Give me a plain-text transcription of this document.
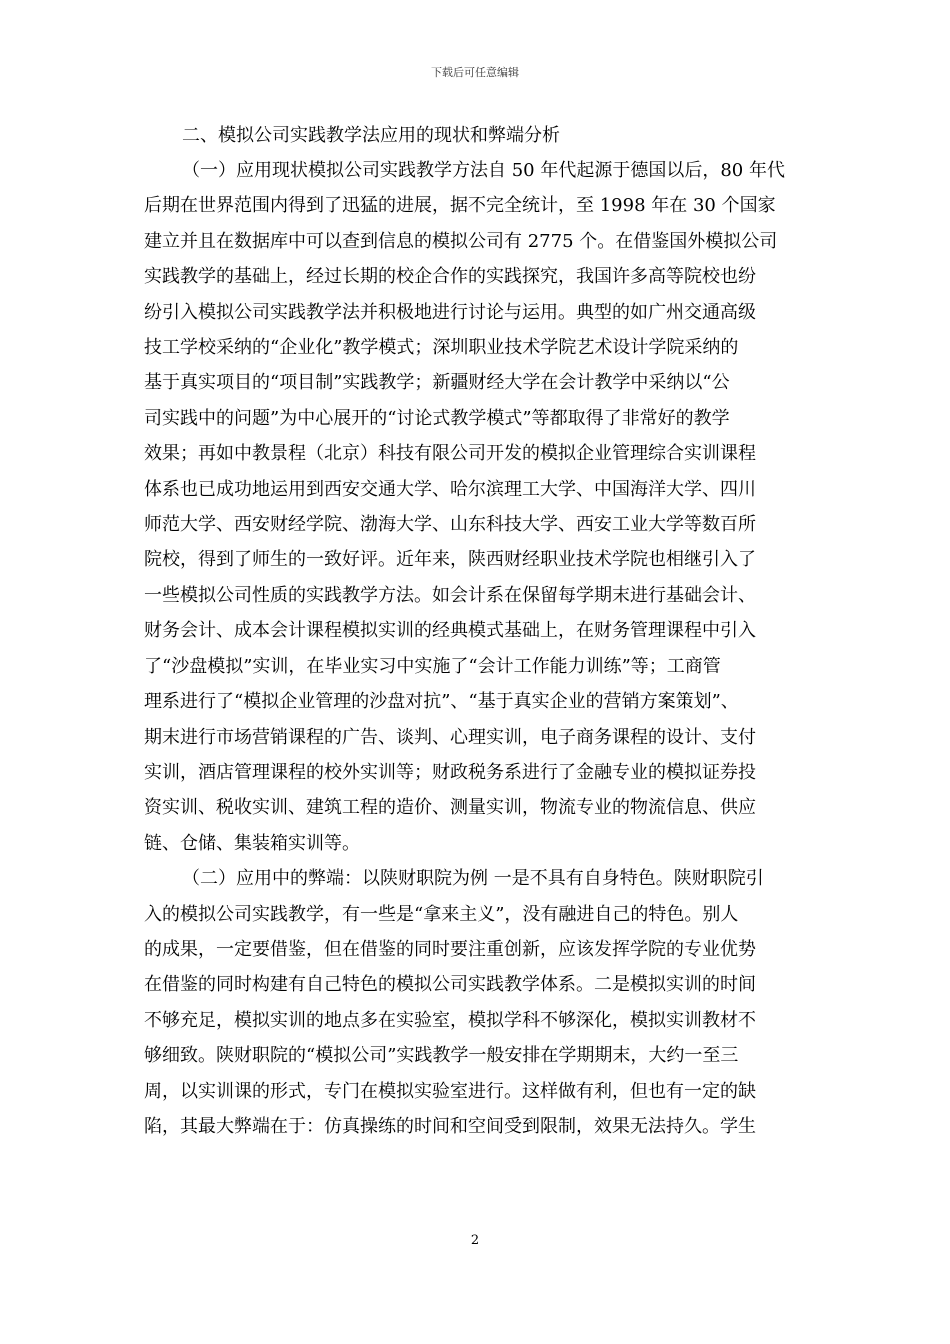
下载后可任意编辑

二、模拟公司实践教学法应用的现状和弊端分析

（一）应用现状模拟公司实践教学方法自 50 年代起源于德国以后，80 年代
后期在世界范围内得到了迅猛的进展，据不完全统计，至 1998 年在 30 个国家
建立并且在数据库中可以查到信息的模拟公司有 2775 个。在借鉴国外模拟公司
实践教学的基础上，经过长期的校企合作的实践探究，我国许多高等院校也纷
纷引入模拟公司实践教学法并积极地进行讨论与运用。典型的如广州交通高级
技工学校采纳的“企业化”教学模式；深圳职业技术学院艺术设计学院采纳的
基于真实项目的“项目制”实践教学；新疆财经大学在会计教学中采纳以“公
司实践中的问题”为中心展开的“讨论式教学模式”等都取得了非常好的教学
效果；再如中教景程（北京）科技有限公司开发的模拟企业管理综合实训课程
体系也已成功地运用到西安交通大学、哈尔滨理工大学、中国海洋大学、四川
师范大学、西安财经学院、渤海大学、山东科技大学、西安工业大学等数百所
院校，得到了师生的一致好评。近年来，陕西财经职业技术学院也相继引入了
一些模拟公司性质的实践教学方法。如会计系在保留每学期末进行基础会计、
财务会计、成本会计课程模拟实训的经典模式基础上，在财务管理课程中引入
了“沙盘模拟”实训，在毕业实习中实施了“会计工作能力训练”等；工商管
理系进行了“模拟企业管理的沙盘对抗”、“基于真实企业的营销方案策划”、
期末进行市场营销课程的广告、谈判、心理实训，电子商务课程的设计、支付
实训，酒店管理课程的校外实训等；财政税务系进行了金融专业的模拟证券投
资实训、税收实训、建筑工程的造价、测量实训，物流专业的物流信息、供应
链、仓储、集装箱实训等。
（二）应用中的弊端：以陕财职院为例 一是不具有自身特色。陕财职院引
入的模拟公司实践教学，有一些是“拿来主义”，没有融进自己的特色。别人
的成果，一定要借鉴，但在借鉴的同时要注重创新，应该发挥学院的专业优势
在借鉴的同时构建有自己特色的模拟公司实践教学体系。二是模拟实训的时间
不够充足，模拟实训的地点多在实验室，模拟学科不够深化，模拟实训教材不
够细致。陕财职院的“模拟公司”实践教学一般安排在学期期末，大约一至三
周，以实训课的形式，专门在模拟实验室进行。这样做有利，但也有一定的缺
陷，其最大弊端在于：仿真操练的时间和空间受到限制，效果无法持久。学生
2
